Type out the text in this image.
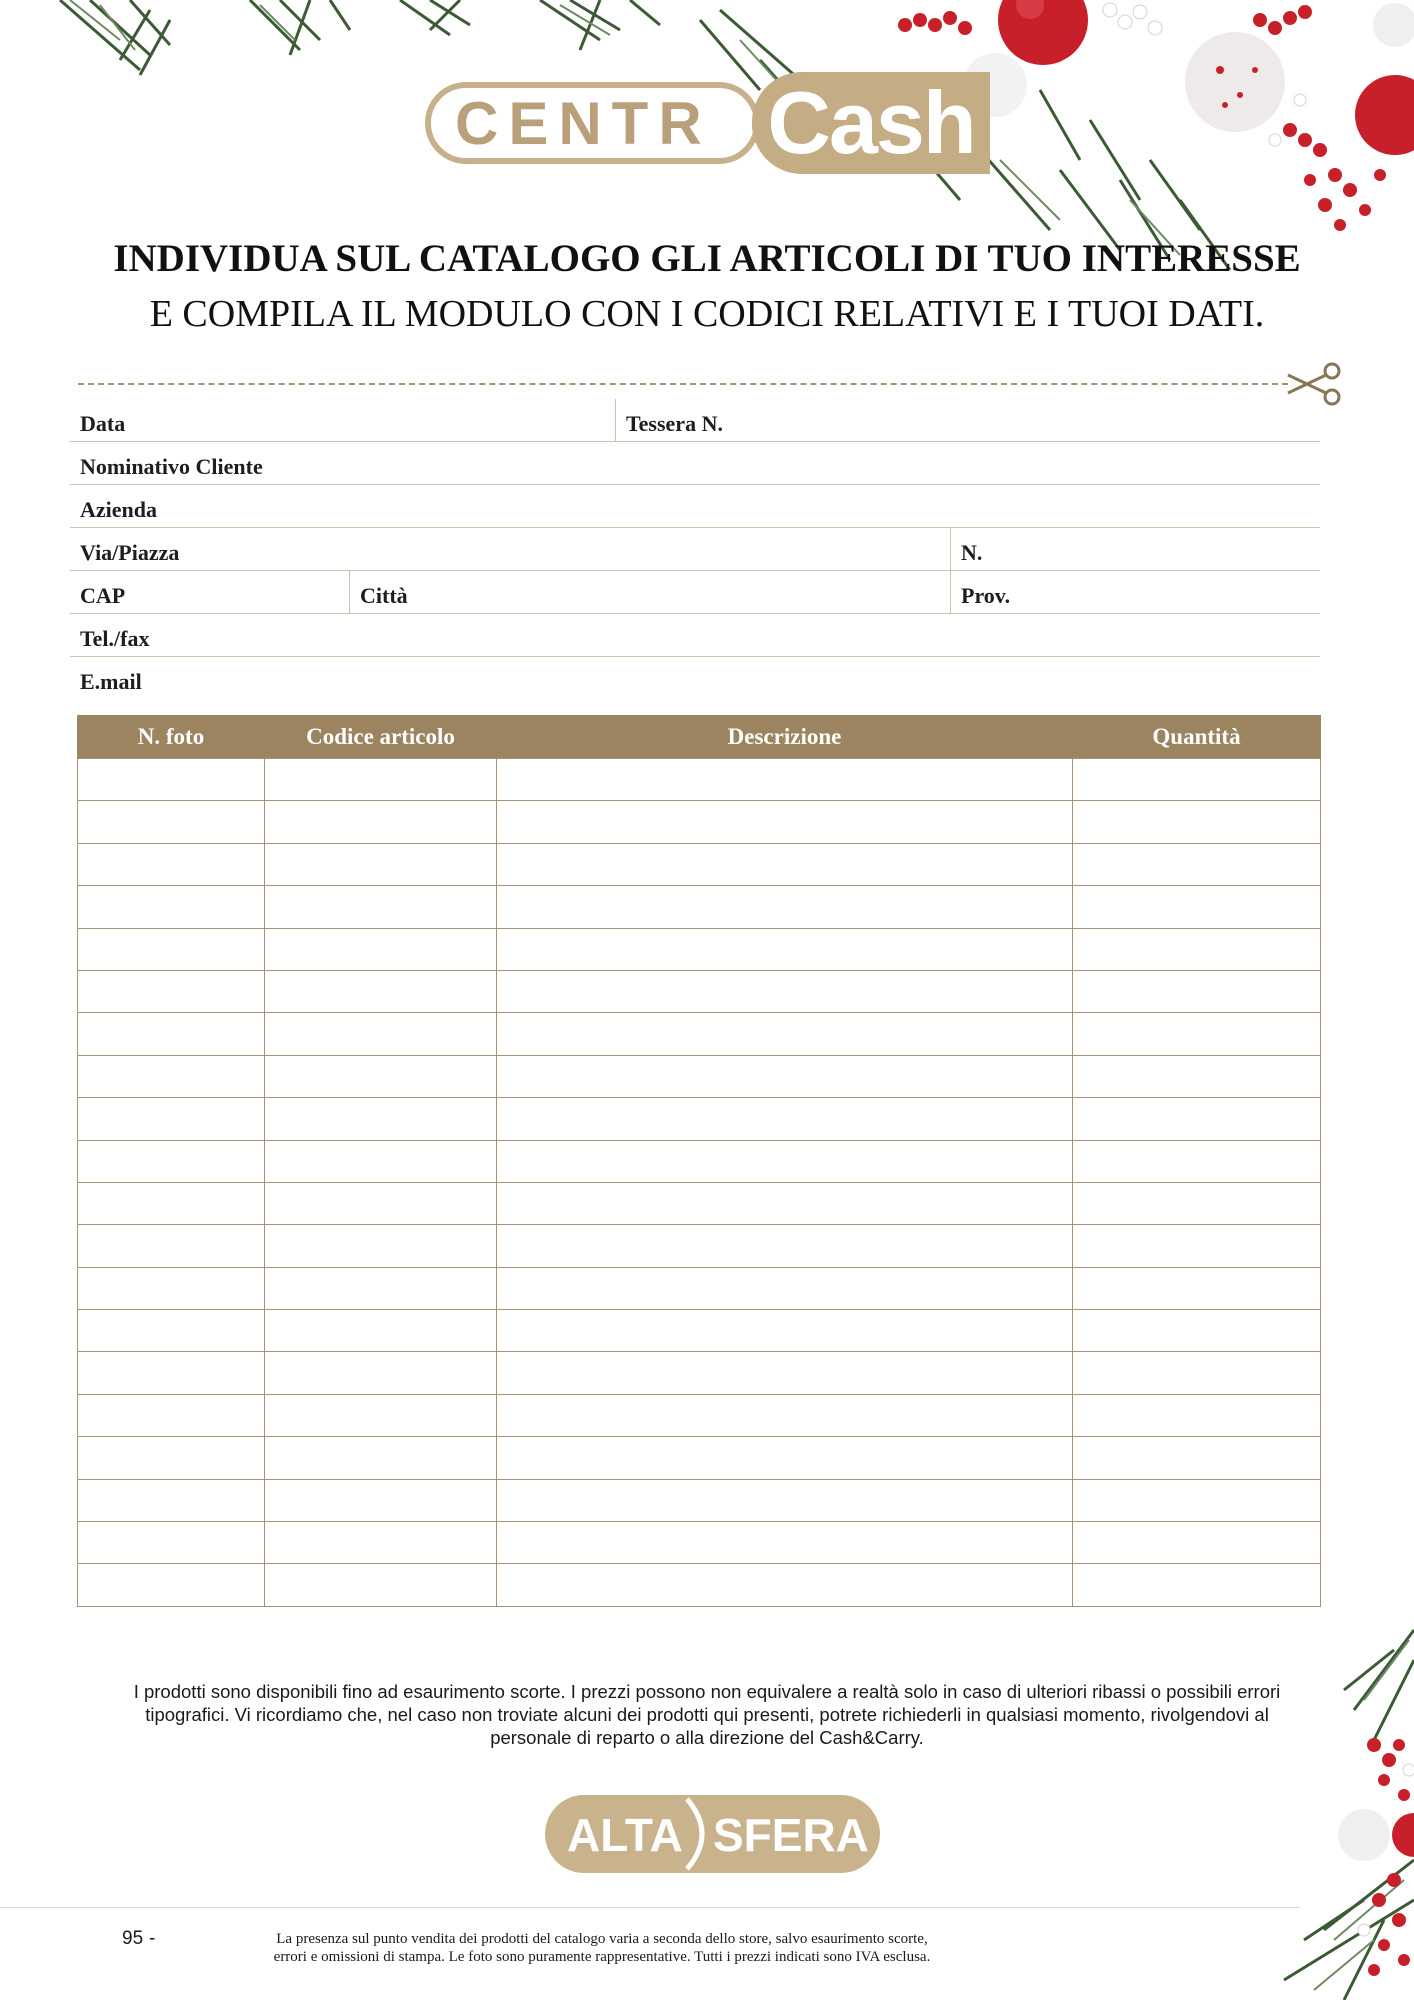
CENTR Cash
INDIVIDUA SUL CATALOGO GLI ARTICOLI DI TUO INTERESSE
E COMPILA IL MODULO CON I CODICI RELATIVI E I TUOI DATI.
Data	Tessera N.
Nominativo Cliente
Azienda
Via/Piazza	N.
CAP	Città	Prov.
Tel./fax
E.mail
N. foto	Codice articolo	Descrizione	Quantità

I prodotti sono disponibili fino ad esaurimento scorte. I prezzi possono non equivalere a realtà solo in caso di ulteriori ribassi o possibili errori

tipografici. Vi ricordiamo che, nel caso non troviate alcuni dei prodotti qui presenti, potrete richiederli in qualsiasi momento, rivolgendovi al

personale di reparto o alla direzione del Cash&Carry.

ALTA SFERA
95 -	La presenza sul punto vendita dei prodotti del catalogo varia a seconda dello store, salvo esaurimento scorte,

errori e omissioni di stampa. Le foto sono puramente rappresentative. Tutti i prezzi indicati sono IVA esclusa.
